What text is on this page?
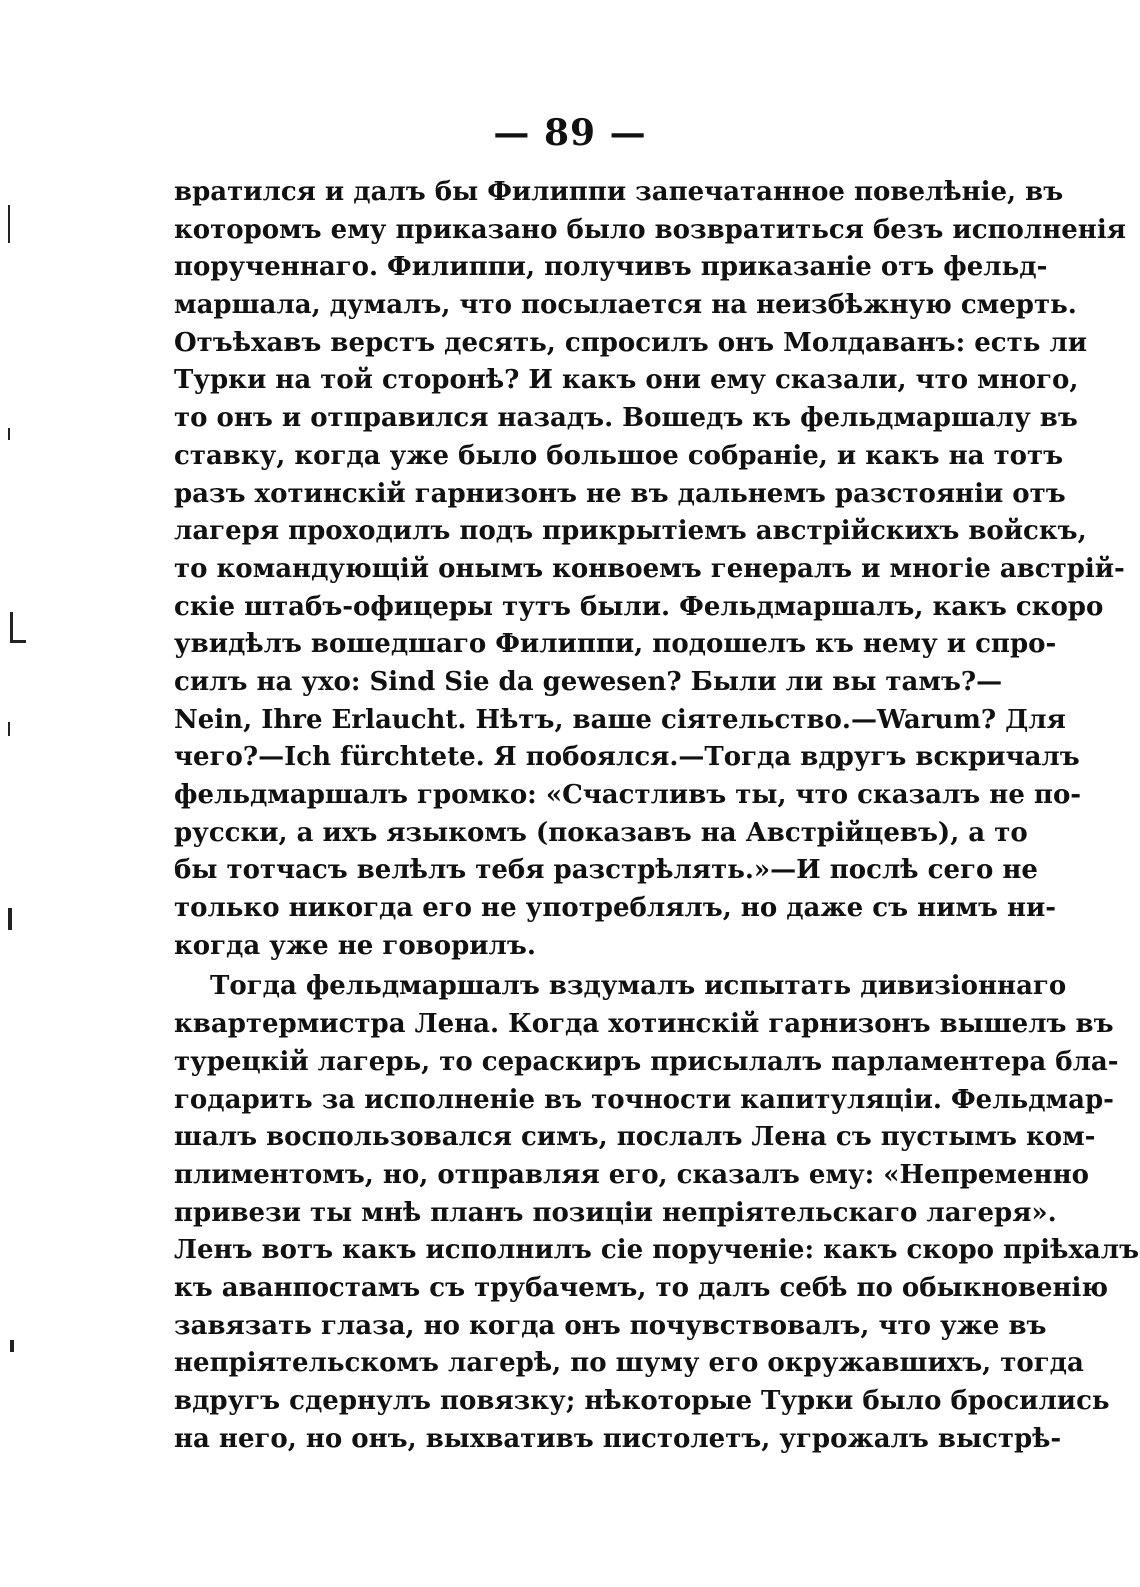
— 89 —
вратился и далъ бы Филиппи запечатанное повелѣніе, въ
которомъ ему приказано было возвратиться безъ исполненія
порученнаго. Филиппи, получивъ приказаніе отъ фельд-
маршала, думалъ, что посылается на неизбѣжную смерть.
Отъѣхавъ верстъ десять, спросилъ онъ Молдаванъ: есть ли
Турки на той сторонѣ? И какъ они ему сказали, что много,
то онъ и отправился назадъ. Вошедъ къ фельдмаршалу въ
ставку, когда уже было большое собраніе, и какъ на тотъ
разъ хотинскій гарнизонъ не въ дальнемъ разстояніи отъ
лагеря проходилъ подъ прикрытіемъ австрійскихъ войскъ,
то командующій онымъ конвоемъ генералъ и многіе австрій-
скіе штабъ-офицеры тутъ были. Фельдмаршалъ, какъ скоро
увидѣлъ вошедшаго Филиппи, подошелъ къ нему и спро-
силъ на ухо: Sind Sie da gewesen? Были ли вы тамъ?—
Nein, Ihre Erlaucht. Нѣтъ, ваше сіятельство.—Warum? Для
чего?—Ich fürchtete. Я побоялся.—Тогда вдругъ вскричалъ
фельдмаршалъ громко: «Счастливъ ты, что сказалъ не по-
русски, а ихъ языкомъ (показавъ на Австрійцевъ), а то
бы тотчасъ велѣлъ тебя разстрѣлять.»—И послѣ сего не
только никогда его не употреблялъ, но даже съ нимъ ни-
когда уже не говорилъ.
Тогда фельдмаршалъ вздумалъ испытать дивизіоннаго
квартермистра Лена. Когда хотинскій гарнизонъ вышелъ въ
турецкій лагерь, то сераскиръ присылалъ парламентера бла-
годарить за исполненіе въ точности капитуляціи. Фельдмар-
шалъ воспользовался симъ, послалъ Лена съ пустымъ ком-
плиментомъ, но, отправляя его, сказалъ ему: «Непременно
привези ты мнѣ планъ позиціи непріятельскаго лагеря».
Ленъ вотъ какъ исполнилъ сіе порученіе: какъ скоро пріѣхалъ
къ аванпостамъ съ трубачемъ, то далъ себѣ по обыкновенію
завязать глаза, но когда онъ почувствовалъ, что уже въ
непріятельскомъ лагерѣ, по шуму его окружавшихъ, тогда
вдругъ сдернулъ повязку; нѣкоторые Турки было бросились
на него, но онъ, выхвативъ пистолетъ, угрожалъ выстрѣ-
